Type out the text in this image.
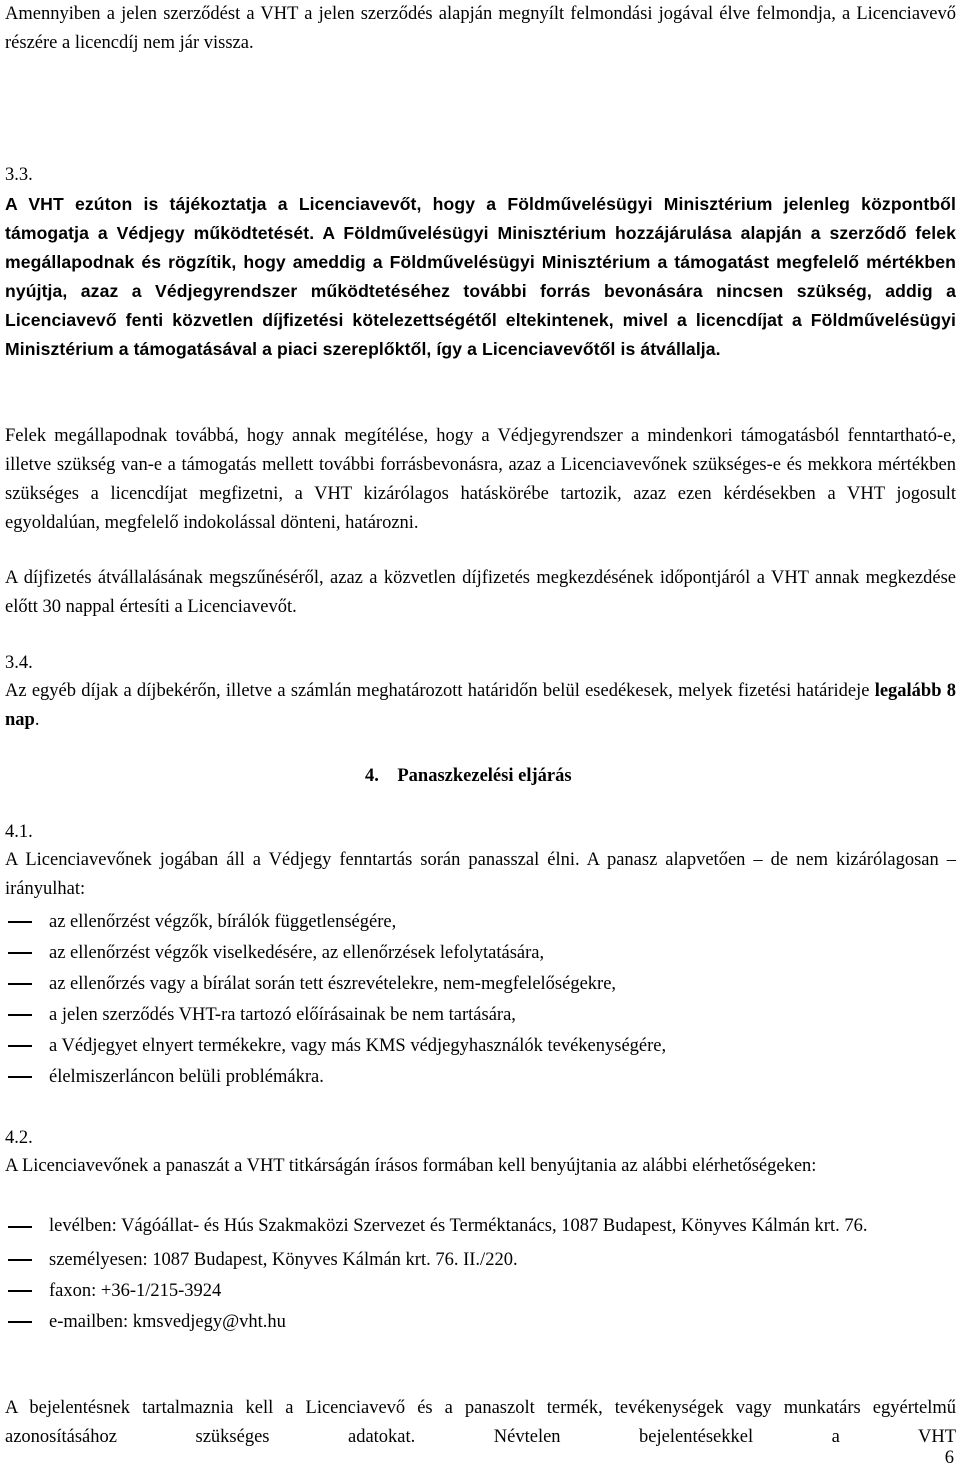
Amennyiben a jelen szerződést a VHT a jelen szerződés alapján megnyílt felmondási jogával élve felmondja, a Licenciavevő részére a licencdíj nem jár vissza.
3.3.
A VHT ezúton is tájékoztatja a Licenciavevőt, hogy a Földművelésügyi Minisztérium jelenleg központből támogatja a Védjegy működtetését. A Földművelésügyi Minisztérium hozzájárulása alapján a szerződő felek megállapodnak és rögzítik, hogy ameddig a Földművelésügyi Minisztérium a támogatást megfelelő mértékben nyújtja, azaz a Védjegyrendszer működtetéséhez további forrás bevonására nincsen szükség, addig a Licenciavevő fenti közvetlen díjfizetési kötelezettségétől eltekintenek, mivel a licencdíjat a Földművelésügyi Minisztérium a támogatásával a piaci szereplőktől, így a Licenciavevőtől is átvállalja.
Felek megállapodnak továbbá, hogy annak megítélése, hogy a Védjegyrendszer a mindenkori támogatásból fenntartható-e, illetve szükség van-e a támogatás mellett további forrásbevonásra, azaz a Licenciavevőnek szükséges-e és mekkora mértékben szükséges a licencdíjat megfizetni, a VHT kizárólagos hatáskörébe tartozik, azaz ezen kérdésekben a VHT jogosult egyoldalúan, megfelelő indokolással dönteni, határozni.
A díjfizetés átvállalásának megszűnéséről, azaz a közvetlen díjfizetés megkezdésének időpontjáról a VHT annak megkezdése előtt 30 nappal értesíti a Licenciavevőt.
3.4.
Az egyéb díjak a díjbekérőn, illetve a számlán meghatározott határidőn belül esedékesek, melyek fizetési határideje legalább 8 nap.
4. Panaszkezelési eljárás
4.1.
A Licenciavevőnek jogában áll a Védjegy fenntartás során panasszal élni. A panasz alapvetően – de nem kizárólagosan – irányulhat:
az ellenőrzést végzők, bírálók függetlenségére,
az ellenőrzést végzők viselkedésére, az ellenőrzések lefolytatására,
az ellenőrzés vagy a bírálat során tett észrevételekre, nem-megfelelőségekre,
a jelen szerződés VHT-ra tartozó előírásainak be nem tartására,
a Védjegyet elnyert termékekre, vagy más KMS védjegyhasználók tevékenységére,
élelmiszerláncon belüli problémákra.
4.2.
A Licenciavevőnek a panaszát a VHT titkárságán írásos formában kell benyújtania az alábbi elérhetőségeken:
levélben: Vágóállat- és Hús Szakmaközi Szervezet és Terméktanács, 1087 Budapest, Könyves Kálmán krt. 76.
személyesen: 1087 Budapest, Könyves Kálmán krt. 76. II./220.
faxon: +36-1/215-3924
e-mailben: kmsvedjegy@vht.hu
A bejelentésnek tartalmaznia kell a Licenciavevő és a panaszolt termék, tevékenységek vagy munkatárs egyértelmű azonosításához szükséges adatokat. Névtelen bejelentésekkel a VHT
6
